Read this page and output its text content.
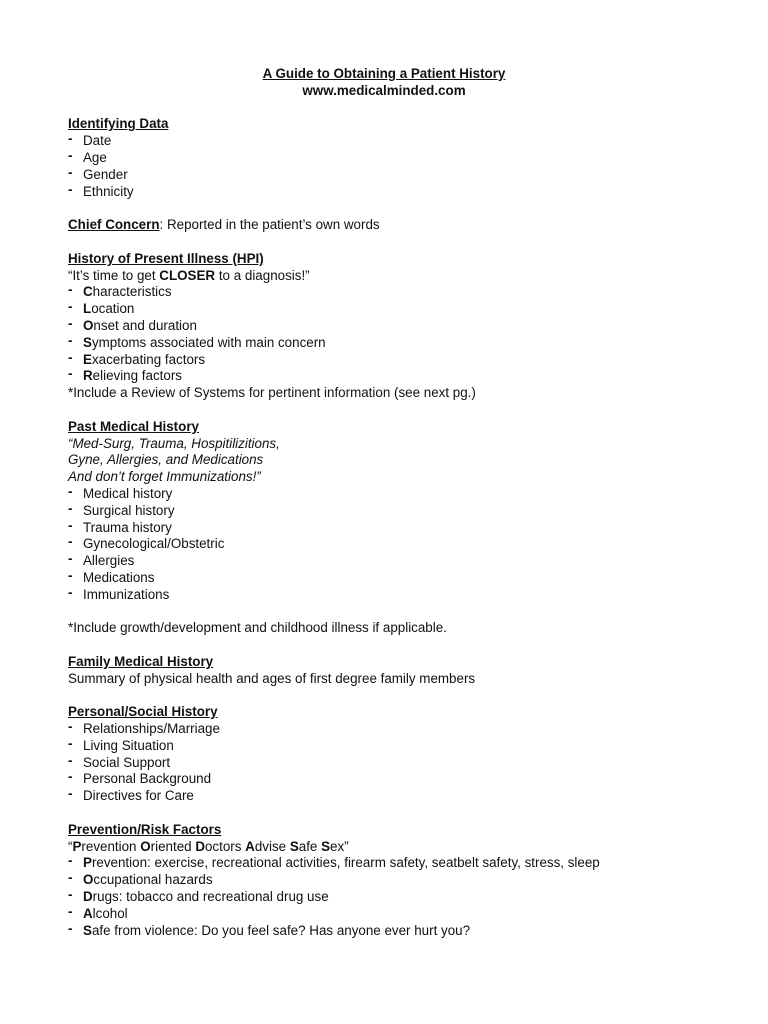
A Guide to Obtaining a Patient History
www.medicalminded.com
Identifying Data
- Date
- Age
- Gender
- Ethnicity
Chief Concern: Reported in the patient’s own words
History of Present Illness (HPI)
“It’s time to get CLOSER to a diagnosis!”
- Characteristics
- Location
- Onset and duration
- Symptoms associated with main concern
- Exacerbating factors
- Relieving factors
*Include a Review of Systems for pertinent information (see next pg.)
Past Medical History
“Med-Surg, Trauma, Hospitilizitions,
Gyne, Allergies, and Medications
And don’t forget Immunizations!”
- Medical history
- Surgical history
- Trauma history
- Gynecological/Obstetric
- Allergies
- Medications
- Immunizations
*Include growth/development and childhood illness if applicable.
Family Medical History
Summary of physical health and ages of first degree family members
Personal/Social History
- Relationships/Marriage
- Living Situation
- Social Support
- Personal Background
- Directives for Care
Prevention/Risk Factors
“Prevention Oriented Doctors Advise Safe Sex”
- Prevention: exercise, recreational activities, firearm safety, seatbelt safety, stress, sleep
- Occupational hazards
- Drugs: tobacco and recreational drug use
- Alcohol
- Safe from violence: Do you feel safe? Has anyone ever hurt you?
